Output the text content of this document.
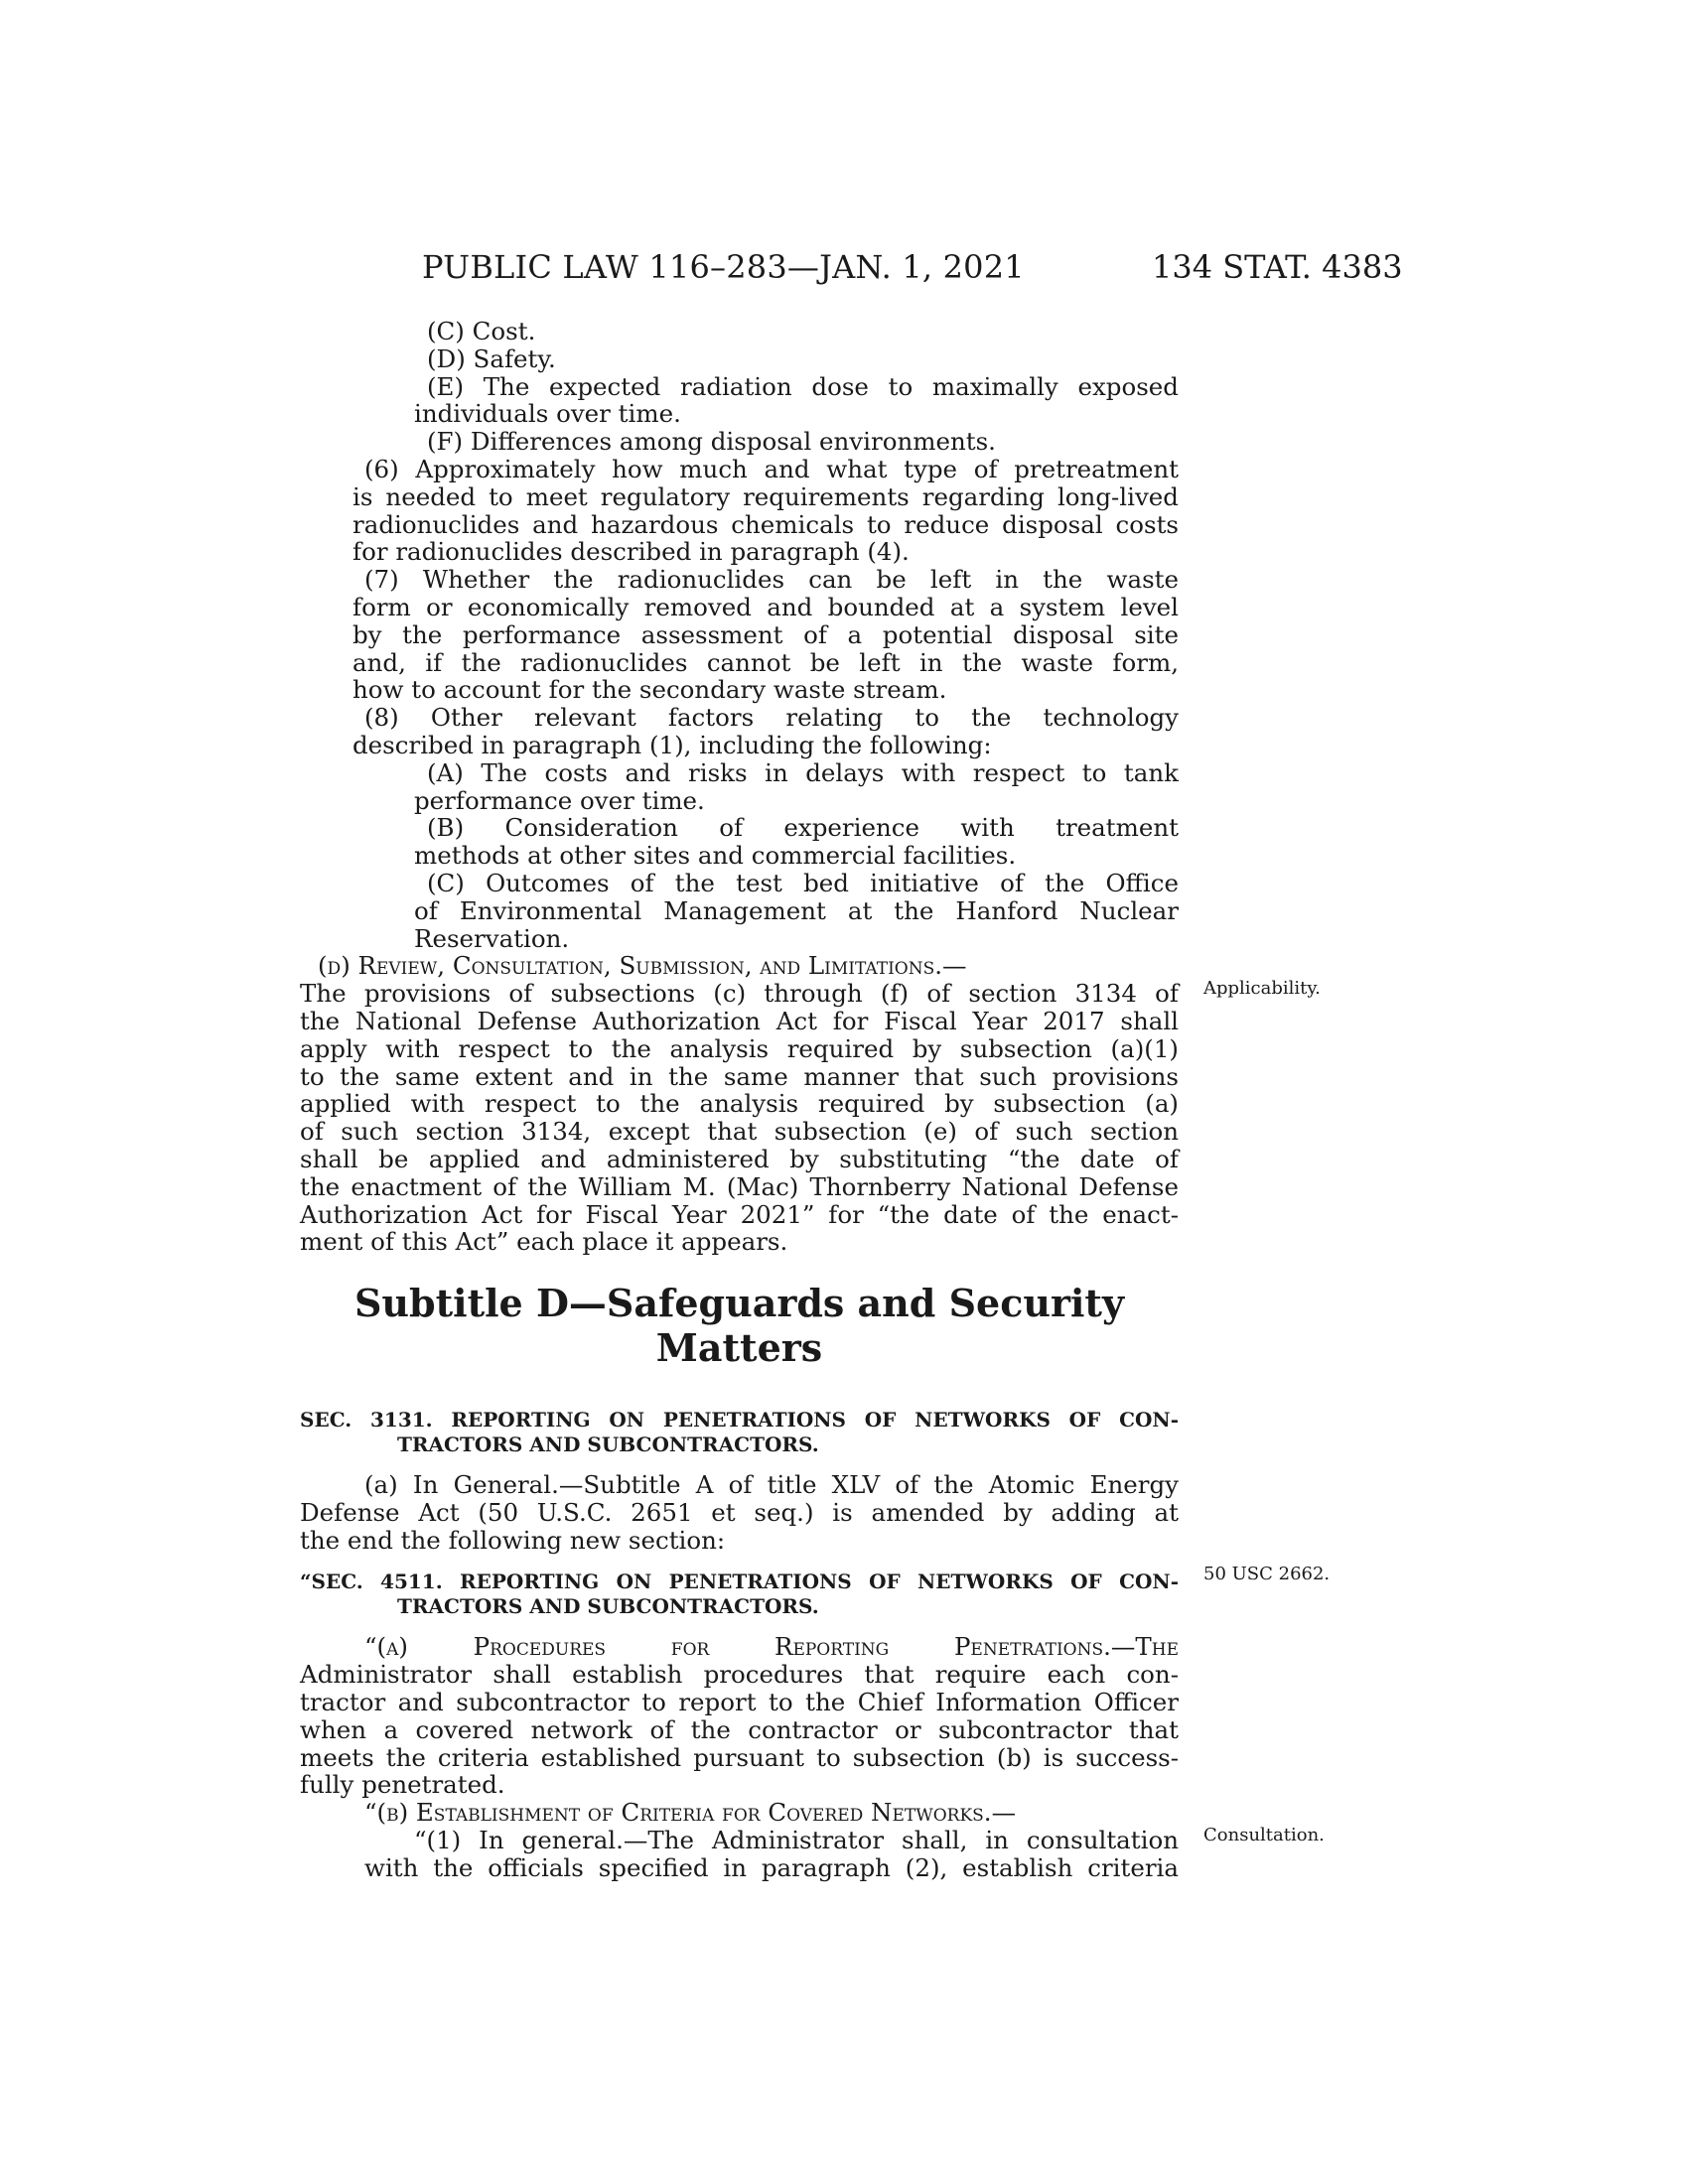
PUBLIC LAW 116–283—JAN. 1, 2021	134 STAT. 4383
(C) Cost.
(D) Safety.
(E) The expected radiation dose to maximally exposed
individuals over time.
(F) Differences among disposal environments.
(6) Approximately how much and what type of pretreatment
is needed to meet regulatory requirements regarding long-lived
radionuclides and hazardous chemicals to reduce disposal costs
for radionuclides described in paragraph (4).
(7) Whether the radionuclides can be left in the waste
form or economically removed and bounded at a system level
by the performance assessment of a potential disposal site
and, if the radionuclides cannot be left in the waste form,
how to account for the secondary waste stream.
(8) Other relevant factors relating to the technology
described in paragraph (1), including the following:
(A) The costs and risks in delays with respect to tank
performance over time.
(B) Consideration of experience with treatment
methods at other sites and commercial facilities.
(C) Outcomes of the test bed initiative of the Office
of Environmental Management at the Hanford Nuclear
Reservation.
(d) Review, Consultation, Submission, and Limitations.—
The provisions of subsections (c) through (f) of section 3134 of
the National Defense Authorization Act for Fiscal Year 2017 shall
apply with respect to the analysis required by subsection (a)(1)
to the same extent and in the same manner that such provisions
applied with respect to the analysis required by subsection (a)
of such section 3134, except that subsection (e) of such section
shall be applied and administered by substituting “the date of
the enactment of the William M. (Mac) Thornberry National Defense
Authorization Act for Fiscal Year 2021” for “the date of the enact-
ment of this Act” each place it appears.
Subtitle D—Safeguards and Security
Matters
SEC. 3131. REPORTING ON PENETRATIONS OF NETWORKS OF CON-
TRACTORS AND SUBCONTRACTORS.
(a) In General.—Subtitle A of title XLV of the Atomic Energy
Defense Act (50 U.S.C. 2651 et seq.) is amended by adding at
the end the following new section:
“SEC. 4511. REPORTING ON PENETRATIONS OF NETWORKS OF CON-
TRACTORS AND SUBCONTRACTORS.
“(a) Procedures for Reporting Penetrations.—The
Administrator shall establish procedures that require each con-
tractor and subcontractor to report to the Chief Information Officer
when a covered network of the contractor or subcontractor that
meets the criteria established pursuant to subsection (b) is success-
fully penetrated.
“(b) Establishment of Criteria for Covered Networks.—
“(1) In general.—The Administrator shall, in consultation
with the officials specified in paragraph (2), establish criteria
Applicability.
50 USC 2662.
Consultation.
